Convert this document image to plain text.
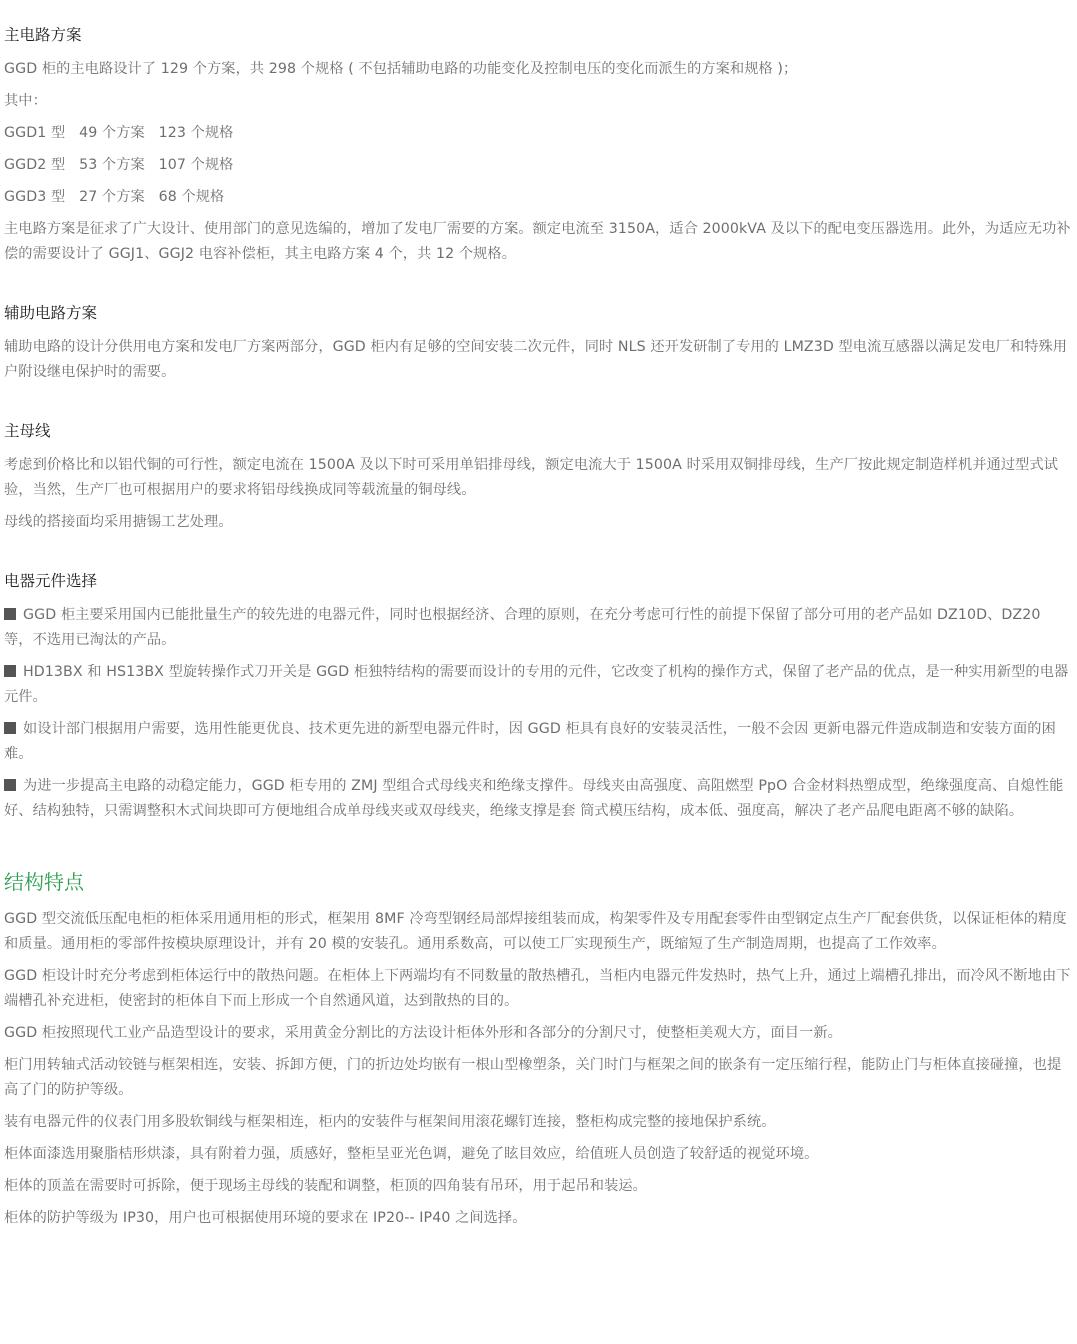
主电路方案
GGD 柜的主电路设计了 129 个方案，共 298 个规格 ( 不包括辅助电路的功能变化及控制电压的变化而派生的方案和规格 )；
其中：
GGD1 型   49 个方案   123 个规格
GGD2 型   53 个方案   107 个规格
GGD3 型   27 个方案   68 个规格
主电路方案是征求了广大设计、使用部门的意见选编的，增加了发电厂需要的方案。额定电流至 3150A，适合 2000kVA 及以下的配电变压器选用。此外，为适应无功补偿的需要设计了 GGJ1、GGJ2 电容补偿柜，其主电路方案 4 个，共 12 个规格。
辅助电路方案
辅助电路的设计分供用电方案和发电厂方案两部分，GGD 柜内有足够的空间安装二次元件，同时 NLS 还开发研制了专用的 LMZ3D 型电流互感器以满足发电厂和特殊用户附设继电保护时的需要。
主母线
考虑到价格比和以铝代铜的可行性，额定电流在 1500A 及以下时可采用单铝排母线，额定电流大于 1500A 时采用双铜排母线，生产厂按此规定制造样机并通过型式试验，当然，生产厂也可根据用户的要求将铝母线换成同等载流量的铜母线。
母线的搭接面均采用搪锡工艺处理。
电器元件选择
GGD 柜主要采用国内已能批量生产的较先进的电器元件，同时也根据经济、合理的原则，在充分考虑可行性的前提下保留了部分可用的老产品如 DZ10D、DZ20 等，不选用已淘汰的产品。
HD13BX 和 HS13BX 型旋转操作式刀开关是 GGD 柜独特结构的需要而设计的专用的元件，它改变了机构的操作方式，保留了老产品的优点，是一种实用新型的电器元件。
如设计部门根据用户需要，选用性能更优良、技术更先进的新型电器元件时，因 GGD 柜具有良好的安装灵活性，一般不会因 更新电器元件造成制造和安装方面的困难。
为进一步提高主电路的动稳定能力，GGD 柜专用的 ZMJ 型组合式母线夹和绝缘支撑件。母线夹由高强度、高阻燃型 PpO 合金材料热塑成型，绝缘强度高、自熄性能好、结构独特，只需调整积木式间块即可方便地组合成单母线夹或双母线夹，绝缘支撑是套 筒式模压结构，成本低、强度高，解决了老产品爬电距离不够的缺陷。
结构特点
GGD 型交流低压配电柜的柜体采用通用柜的形式，框架用 8MF 冷弯型钢经局部焊接组装而成，构架零件及专用配套零件由型钢定点生产厂配套供货，以保证柜体的精度和质量。通用柜的零部件按模块原理设计，并有 20 模的安装孔。通用系数高，可以使工厂实现预生产，既缩短了生产制造周期，也提高了工作效率。
GGD 柜设计时充分考虑到柜体运行中的散热问题。在柜体上下两端均有不同数量的散热槽孔，当柜内电器元件发热时，热气上升，通过上端槽孔排出，而冷风不断地由下端槽孔补充进柜，使密封的柜体自下而上形成一个自然通风道，达到散热的目的。
GGD 柜按照现代工业产品造型设计的要求，采用黄金分割比的方法设计柜体外形和各部分的分割尺寸，使整柜美观大方，面目一新。
柜门用转轴式活动铰链与框架相连，安装、拆卸方便，门的折边处均嵌有一根山型橡塑条，关门时门与框架之间的嵌条有一定压缩行程，能防止门与柜体直接碰撞，也提高了门的防护等级。
装有电器元件的仪表门用多股软铜线与框架相连，柜内的安装件与框架间用滚花螺钉连接，整柜构成完整的接地保护系统。
柜体面漆选用聚脂桔形烘漆，具有附着力强，质感好，整柜呈亚光色调，避免了眩目效应，给值班人员创造了较舒适的视觉环境。
柜体的顶盖在需要时可拆除，便于现场主母线的装配和调整，柜顶的四角装有吊环，用于起吊和装运。
柜体的防护等级为 IP30，用户也可根据使用环境的要求在 IP20-- IP40 之间选择。
